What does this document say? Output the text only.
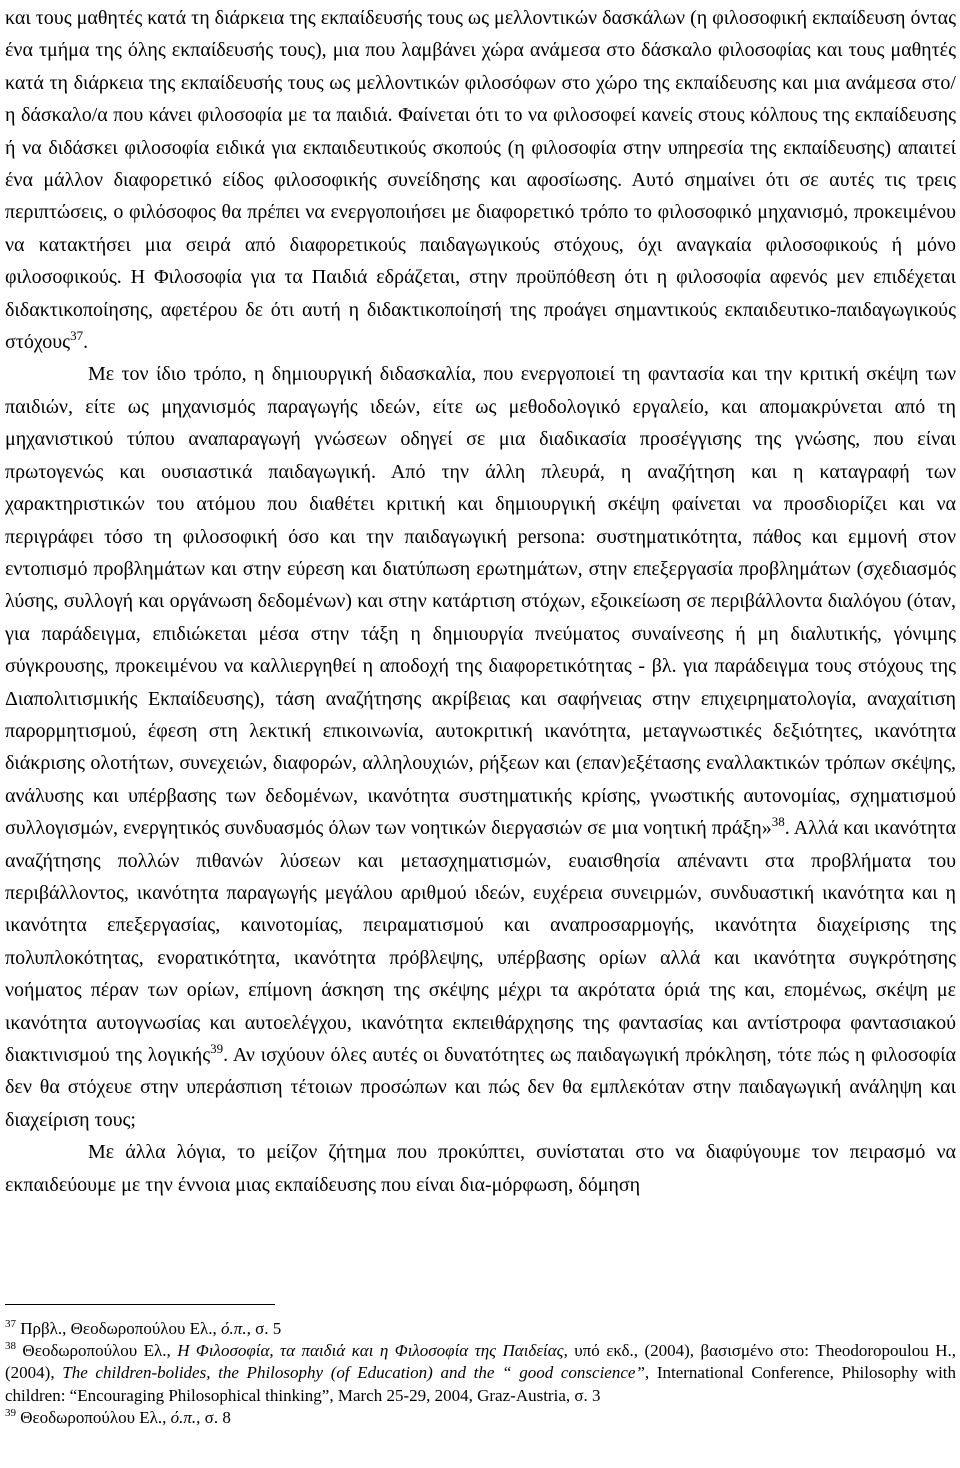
και τους μαθητές κατά τη διάρκεια της εκπαίδευσής τους ως μελλοντικών δασκάλων (η φιλοσοφική εκπαίδευση όντας ένα τμήμα της όλης εκπαίδευσής τους), μια που λαμβάνει χώρα ανάμεσα στο δάσκαλο φιλοσοφίας και τους μαθητές κατά τη διάρκεια της εκπαίδευσής τους ως μελλοντικών φιλοσόφων στο χώρο της εκπαίδευσης και μια ανάμεσα στο/η δάσκαλο/α που κάνει φιλοσοφία με τα παιδιά. Φαίνεται ότι το να φιλοσοφεί κανείς στους κόλπους της εκπαίδευσης ή να διδάσκει φιλοσοφία ειδικά για εκπαιδευτικούς σκοπούς (η φιλοσοφία στην υπηρεσία της εκπαίδευσης) απαιτεί ένα μάλλον διαφορετικό είδος φιλοσοφικής συνείδησης και αφοσίωσης. Αυτό σημαίνει ότι σε αυτές τις τρεις περιπτώσεις, ο φιλόσοφος θα πρέπει να ενεργοποιήσει με διαφορετικό τρόπο το φιλοσοφικό μηχανισμό, προκειμένου να κατακτήσει μια σειρά από διαφορετικούς παιδαγωγικούς στόχους, όχι αναγκαία φιλοσοφικούς ή μόνο φιλοσοφικούς. Η Φιλοσοφία για τα Παιδιά εδράζεται, στην προϋπόθεση ότι η φιλοσοφία αφενός μεν επιδέχεται διδακτικοποίησης, αφετέρου δε ότι αυτή η διδακτικοποίησή της προάγει σημαντικούς εκπαιδευτικο-παιδαγωγικούς στόχους$^{37}$.

Με τον ίδιο τρόπο, η δημιουργική διδασκαλία, που ενεργοποιεί τη φαντασία και την κριτική σκέψη των παιδιών, είτε ως μηχανισμός παραγωγής ιδεών, είτε ως μεθοδολογικό εργαλείο, και απομακρύνεται από τη μηχανιστικού τύπου αναπαραγωγή γνώσεων οδηγεί σε μια διαδικασία προσέγγισης της γνώσης, που είναι πρωτογενώς και ουσιαστικά παιδαγωγική. Από την άλλη πλευρά, η αναζήτηση και η καταγραφή των χαρακτηριστικών του ατόμου που διαθέτει κριτική και δημιουργική σκέψη φαίνεται να προσδιορίζει και να περιγράφει τόσο τη φιλοσοφική όσο και την παιδαγωγική persona: συστηματικότητα, πάθος και εμμονή στον εντοπισμό προβλημάτων και στην εύρεση και διατύπωση ερωτημάτων, στην επεξεργασία προβλημάτων (σχεδιασμός λύσης, συλλογή και οργάνωση δεδομένων) και στην κατάρτιση στόχων, εξοικείωση σε περιβάλλοντα διαλόγου (όταν, για παράδειγμα, επιδιώκεται μέσα στην τάξη η δημιουργία πνεύματος συναίνεσης ή μη διαλυτικής, γόνιμης σύγκρουσης, προκειμένου να καλλιεργηθεί η αποδοχή της διαφορετικότητας - βλ. για παράδειγμα τους στόχους της Διαπολιτισμικής Εκπαίδευσης), τάση αναζήτησης ακρίβειας και σαφήνειας στην επιχειρηματολογία, αναχαίτιση παρορμητισμού, έφεση στη λεκτική επικοινωνία, αυτοκριτική ικανότητα, μεταγνωστικές δεξιότητες, ικανότητα διάκρισης ολοτήτων, συνεχειών, διαφορών, αλληλουχιών, ρήξεων και (επαν)εξέτασης εναλλακτικών τρόπων σκέψης, ανάλυσης και υπέρβασης των δεδομένων, ικανότητα συστηματικής κρίσης, γνωστικής αυτονομίας, σχηματισμού συλλογισμών, ενεργητικός συνδυασμός όλων των νοητικών διεργασιών σε μια νοητική πράξη»$^{38}$. Αλλά και ικανότητα αναζήτησης πολλών πιθανών λύσεων και μετασχηματισμών, ευαισθησία απέναντι στα προβλήματα του περιβάλλοντος, ικανότητα παραγωγής μεγάλου αριθμού ιδεών, ευχέρεια συνειρμών, συνδυαστική ικανότητα και η ικανότητα επεξεργασίας, καινοτομίας, πειραματισμού και αναπροσαρμογής, ικανότητα διαχείρισης της πολυπλοκότητας, ενορατικότητα, ικανότητα πρόβλεψης, υπέρβασης ορίων αλλά και ικανότητα συγκρότησης νοήματος πέραν των ορίων, επίμονη άσκηση της σκέψης μέχρι τα ακρότατα όριά της και, επομένως, σκέψη με ικανότητα αυτογνωσίας και αυτοελέγχου, ικανότητα εκπειθάρχησης της φαντασίας και αντίστροφα φαντασιακού διακτινισμού της λογικής$^{39}$. Αν ισχύουν όλες αυτές οι δυνατότητες ως παιδαγωγική πρόκληση, τότε πώς η φιλοσοφία δεν θα στόχευε στην υπεράσπιση τέτοιων προσώπων και πώς δεν θα εμπλεκόταν στην παιδαγωγική ανάληψη και διαχείριση τους;

Με άλλα λόγια, το μείζον ζήτημα που προκύπτει, συνίσταται στο να διαφύγουμε τον πειρασμό να εκπαιδεύουμε με την έννοια μιας εκπαίδευσης που είναι δια-μόρφωση, δόμηση

$^{37}$ Πρβλ., Θεοδωροπούλου Ελ., ό.π., σ. 5

$^{38}$ Θεοδωροπούλου Ελ., Η Φιλοσοφία, τα παιδιά και η Φιλοσοφία της Παιδείας, υπό εκδ., (2004), βασισμένο στο: Theodoropoulou H., (2004), The children-bolides, the Philosophy (of Education) and the “ good conscience”, International Conference, Philosophy with children: “Encouraging Philosophical thinking”, March 25-29, 2004, Graz-Austria, σ. 3

$^{39}$ Θεοδωροπούλου Ελ., ό.π., σ. 8
